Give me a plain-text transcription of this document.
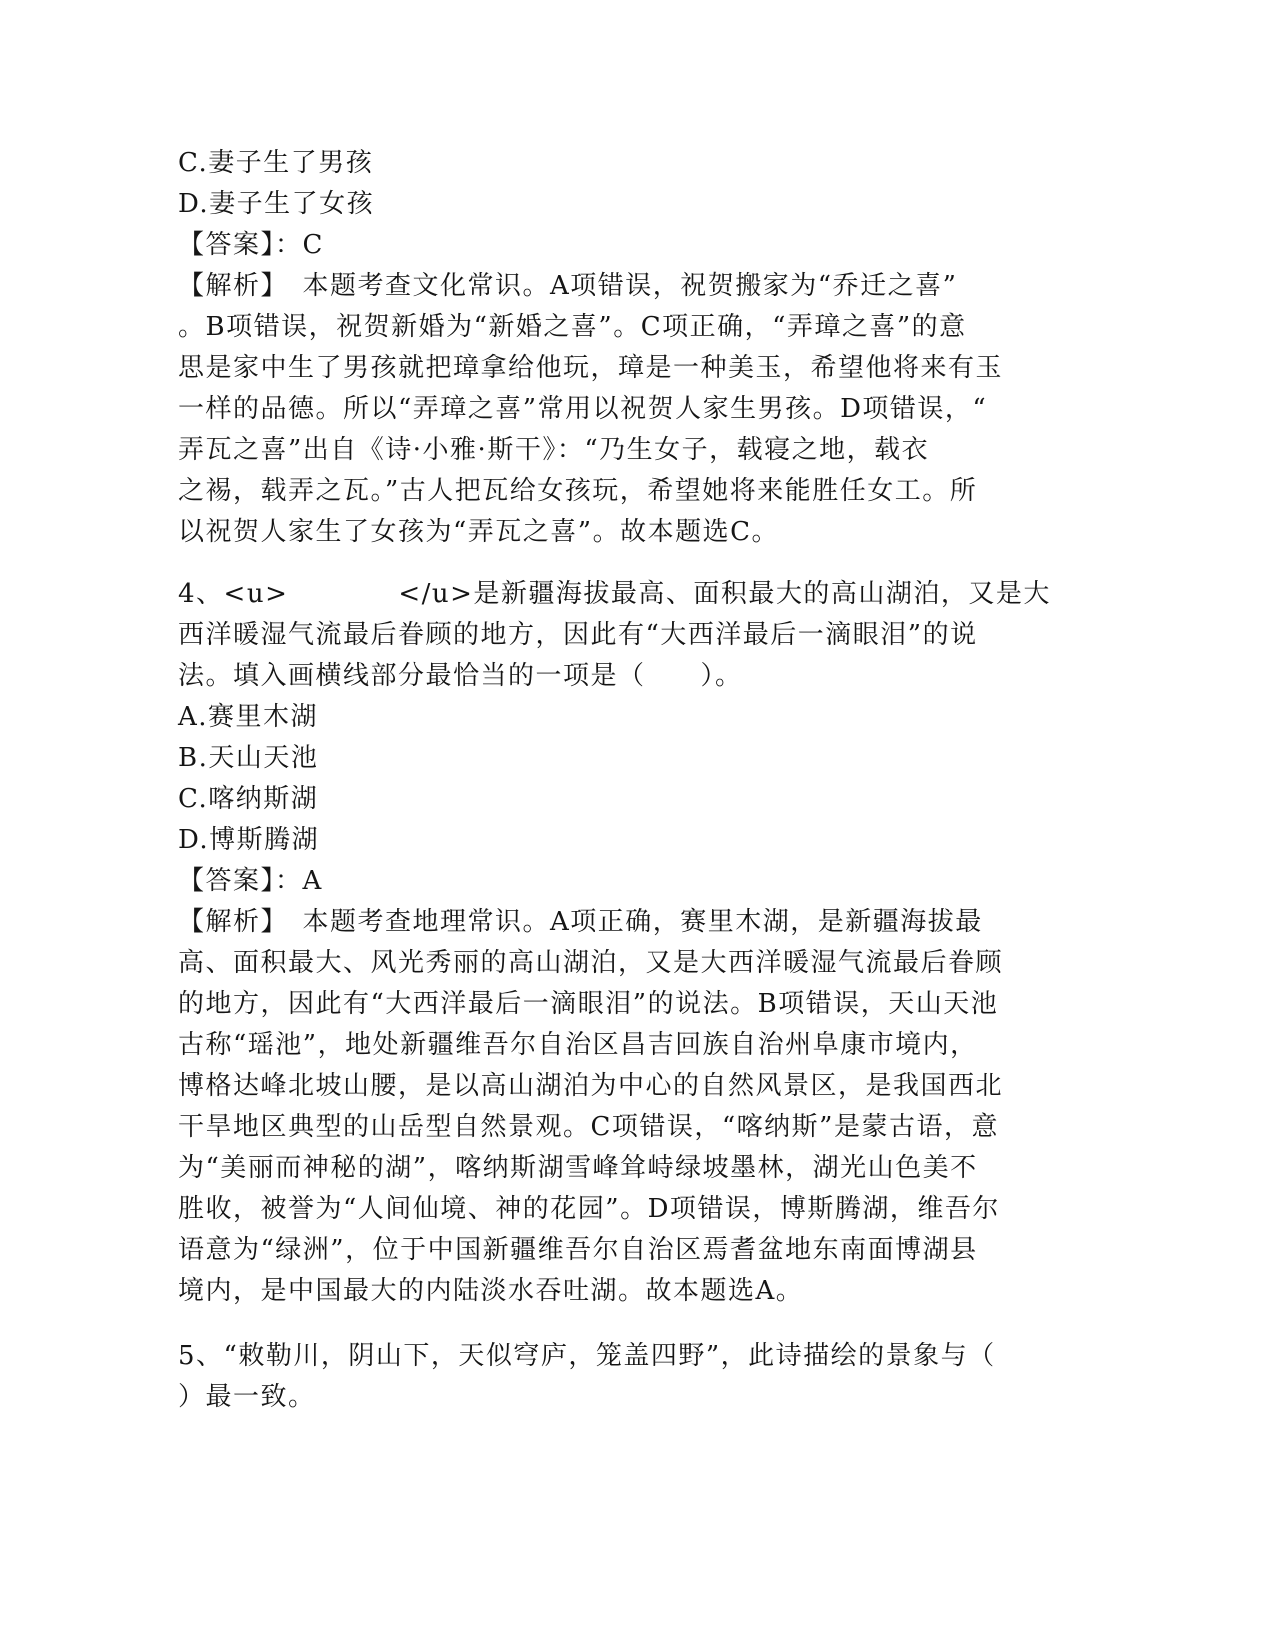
C.妻子生了男孩
D.妻子生了女孩
【答案】：C
【解析】　本题考查文化常识。A项错误，祝贺搬家为“乔迁之喜”
。B项错误，祝贺新婚为“新婚之喜”。C项正确，“弄璋之喜”的意
思是家中生了男孩就把璋拿给他玩，璋是一种美玉，希望他将来有玉
一样的品德。所以“弄璋之喜”常用以祝贺人家生男孩。D项错误，“
弄瓦之喜”出自《诗·小雅·斯干》：“乃生女子，载寝之地，载衣
之裼，载弄之瓦。”古人把瓦给女孩玩，希望她将来能胜任女工。所
以祝贺人家生了女孩为“弄瓦之喜”。故本题选C。
4、<u>　　　　</u>是新疆海拔最高、面积最大的高山湖泊，又是大
西洋暖湿气流最后眷顾的地方，因此有“大西洋最后一滴眼泪”的说
法。填入画横线部分最恰当的一项是（　　）。
A.赛里木湖
B.天山天池
C.喀纳斯湖
D.博斯腾湖
【答案】：A
【解析】　本题考查地理常识。A项正确，赛里木湖，是新疆海拔最
高、面积最大、风光秀丽的高山湖泊，又是大西洋暖湿气流最后眷顾
的地方，因此有“大西洋最后一滴眼泪”的说法。B项错误，天山天池
古称“瑶池”，地处新疆维吾尔自治区昌吉回族自治州阜康市境内，
博格达峰北坡山腰，是以高山湖泊为中心的自然风景区，是我国西北
干旱地区典型的山岳型自然景观。C项错误，“喀纳斯”是蒙古语，意
为“美丽而神秘的湖”，喀纳斯湖雪峰耸峙绿坡墨林，湖光山色美不
胜收，被誉为“人间仙境、神的花园”。D项错误，博斯腾湖，维吾尔
语意为“绿洲”，位于中国新疆维吾尔自治区焉耆盆地东南面博湖县
境内，是中国最大的内陆淡水吞吐湖。故本题选A。
5、“敕勒川，阴山下，天似穹庐，笼盖四野”，此诗描绘的景象与（
）最一致。
